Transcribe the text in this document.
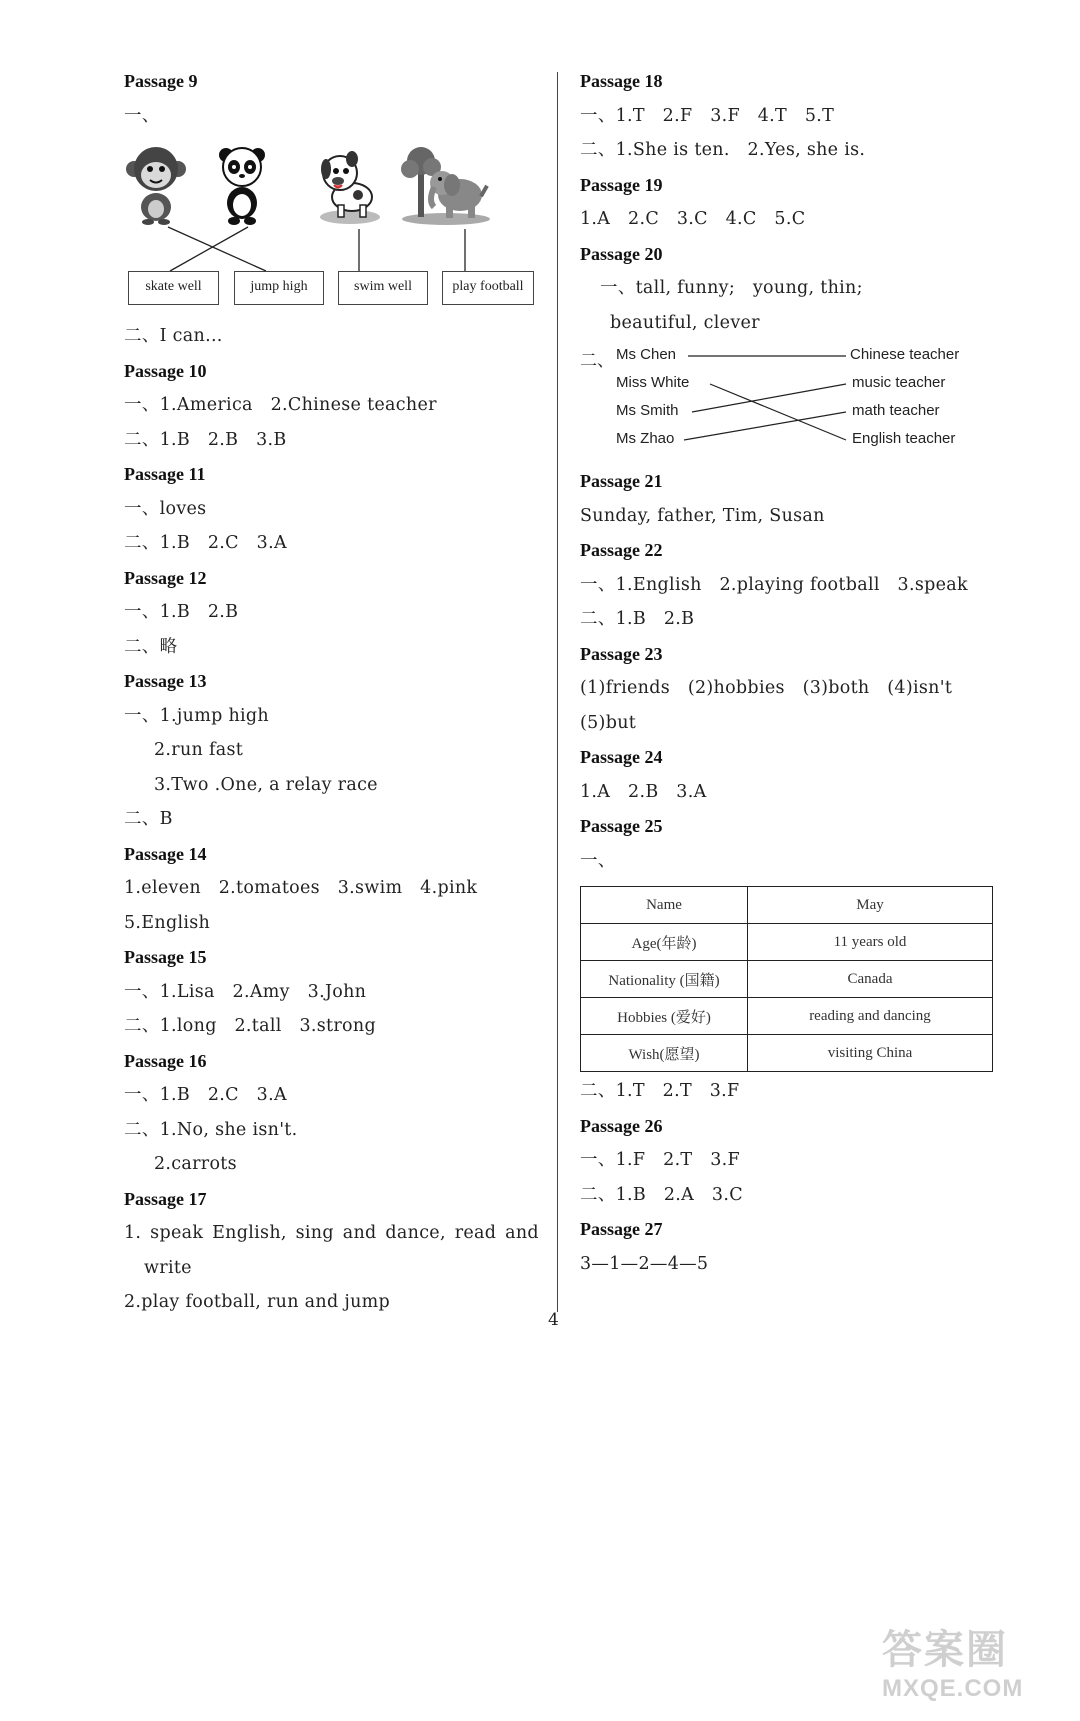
Passage 9
一、
skate well	jump high	swim well	play football
二、I can...
Passage 10
一、1.America　2.Chinese teacher
二、1.B　2.B　3.B
Passage 11
一、loves
二、1.B　2.C　3.A
Passage 12
一、1.B　2.B
二、略
Passage 13
一、1.jump high
2.run fast
3.Two .One, a relay race
二、B
Passage 14
1.eleven　2.tomatoes　3.swim　4.pink
5.English
Passage 15
一、1.Lisa　2.Amy　3.John
二、1.long　2.tall　3.strong
Passage 16
一、1.B　2.C　3.A
二、1.No, she isn't.
2.carrots
Passage 17
1. speak English, sing and dance, read and
write
2.play football, run and jump
Passage 18
一、1.T　2.F　3.F　4.T　5.T
二、1.She is ten.　2.Yes, she is.
Passage 19
1.A　2.C　3.C　4.C　5.C
Passage 20
一、tall, funny;　young, thin;
beautiful, clever
二、 Ms Chen
Miss White
Ms Smith
Ms Zhao
Chinese teacher
music teacher
math teacher
English teacher
Passage 21
Sunday, father, Tim, Susan
Passage 22
一、1.English　2.playing football　3.speak
二、1.B　2.B
Passage 23
(1)friends　(2)hobbies　(3)both　(4)isn't
(5)but
Passage 24
1.A　2.B　3.A
Passage 25
一、
Name	May
Age(年龄)	11 years old
Nationality (国籍)	Canada
Hobbies (爱好)	reading and dancing
Wish(愿望)	visiting China
二、1.T　2.T　3.F
Passage 26
一、1.F　2.T　3.F
二、1.B　2.A　3.C
Passage 27
3—1—2—4—5
4
答案圈
MXQE.COM
